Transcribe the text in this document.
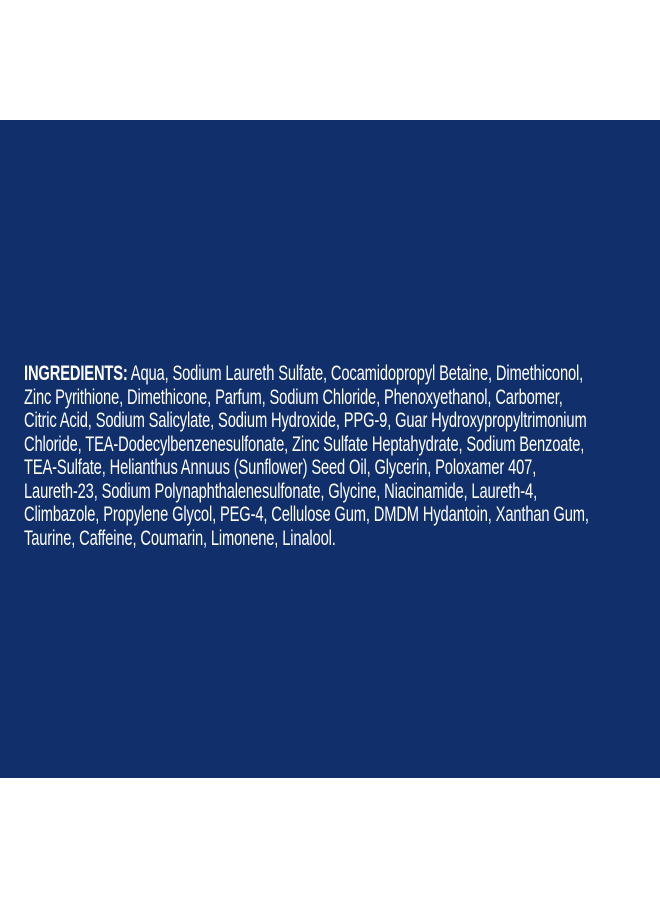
INGREDIENTS: Aqua, Sodium Laureth Sulfate, Cocamidopropyl Betaine, Dimethiconol,
Zinc Pyrithione, Dimethicone, Parfum, Sodium Chloride, Phenoxyethanol, Carbomer,
Citric Acid, Sodium Salicylate, Sodium Hydroxide, PPG-9, Guar Hydroxypropyltrimonium
Chloride, TEA-Dodecylbenzenesulfonate, Zinc Sulfate Heptahydrate, Sodium Benzoate,
TEA-Sulfate, Helianthus Annuus (Sunflower) Seed Oil, Glycerin, Poloxamer 407,
Laureth-23, Sodium Polynaphthalenesulfonate, Glycine, Niacinamide, Laureth-4,
Climbazole, Propylene Glycol, PEG-4, Cellulose Gum, DMDM Hydantoin, Xanthan Gum,
Taurine, Caffeine, Coumarin, Limonene, Linalool.
